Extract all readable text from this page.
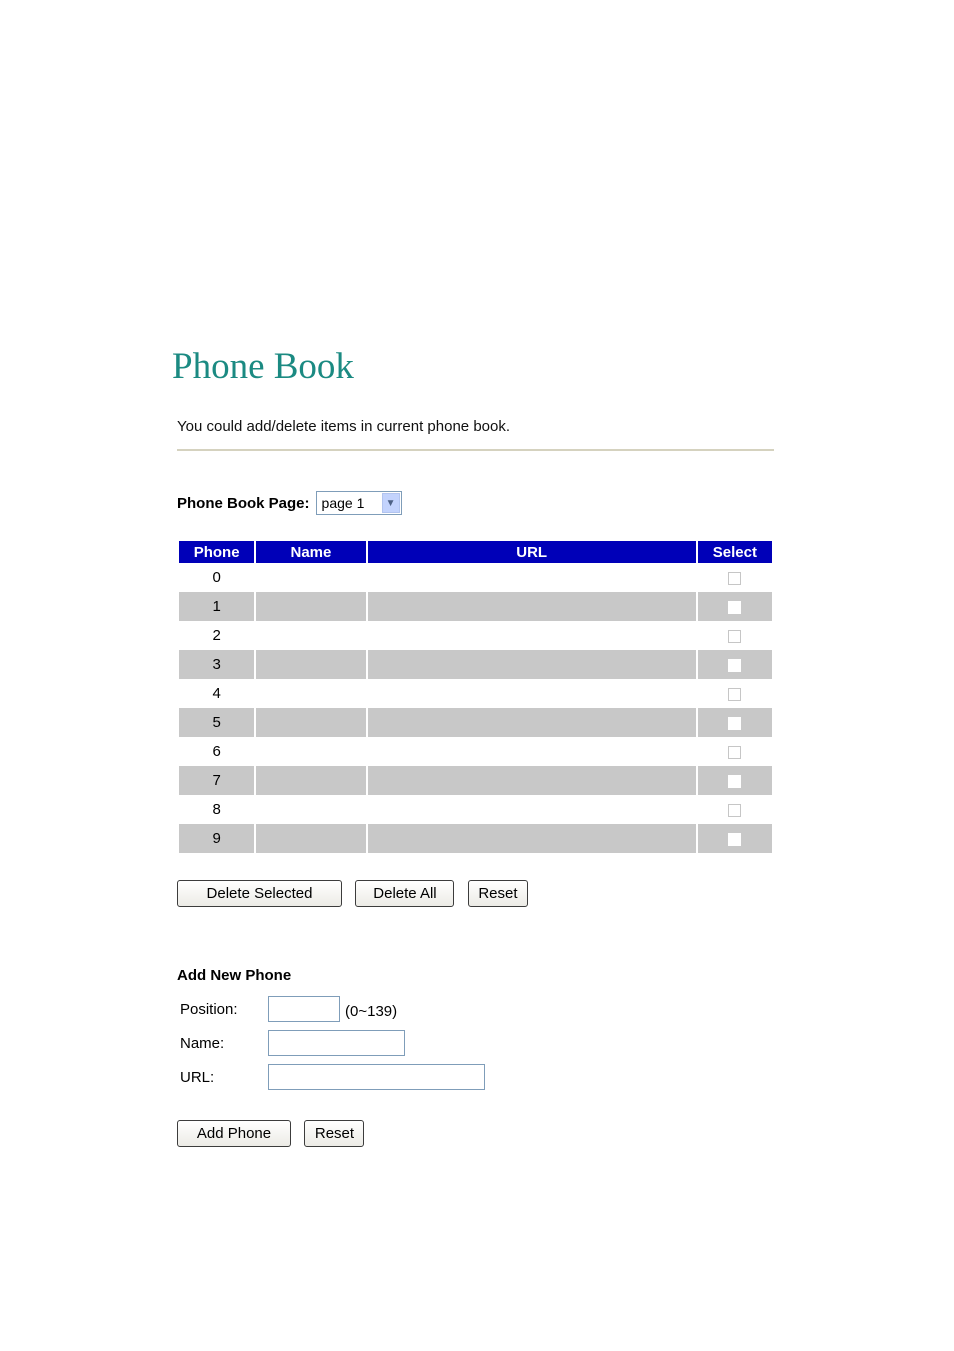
Phone Book
You could add/delete items in current phone book.
Phone Book Page: page 1	▼
Phone	Name	URL	Select
0			
1			
2			
3			
4			
5			
6			
7			
8			
9			
Delete Selected	Delete All	Reset
Add New Phone
Position:	(0~139)
Name:
URL:
Add Phone	Reset
